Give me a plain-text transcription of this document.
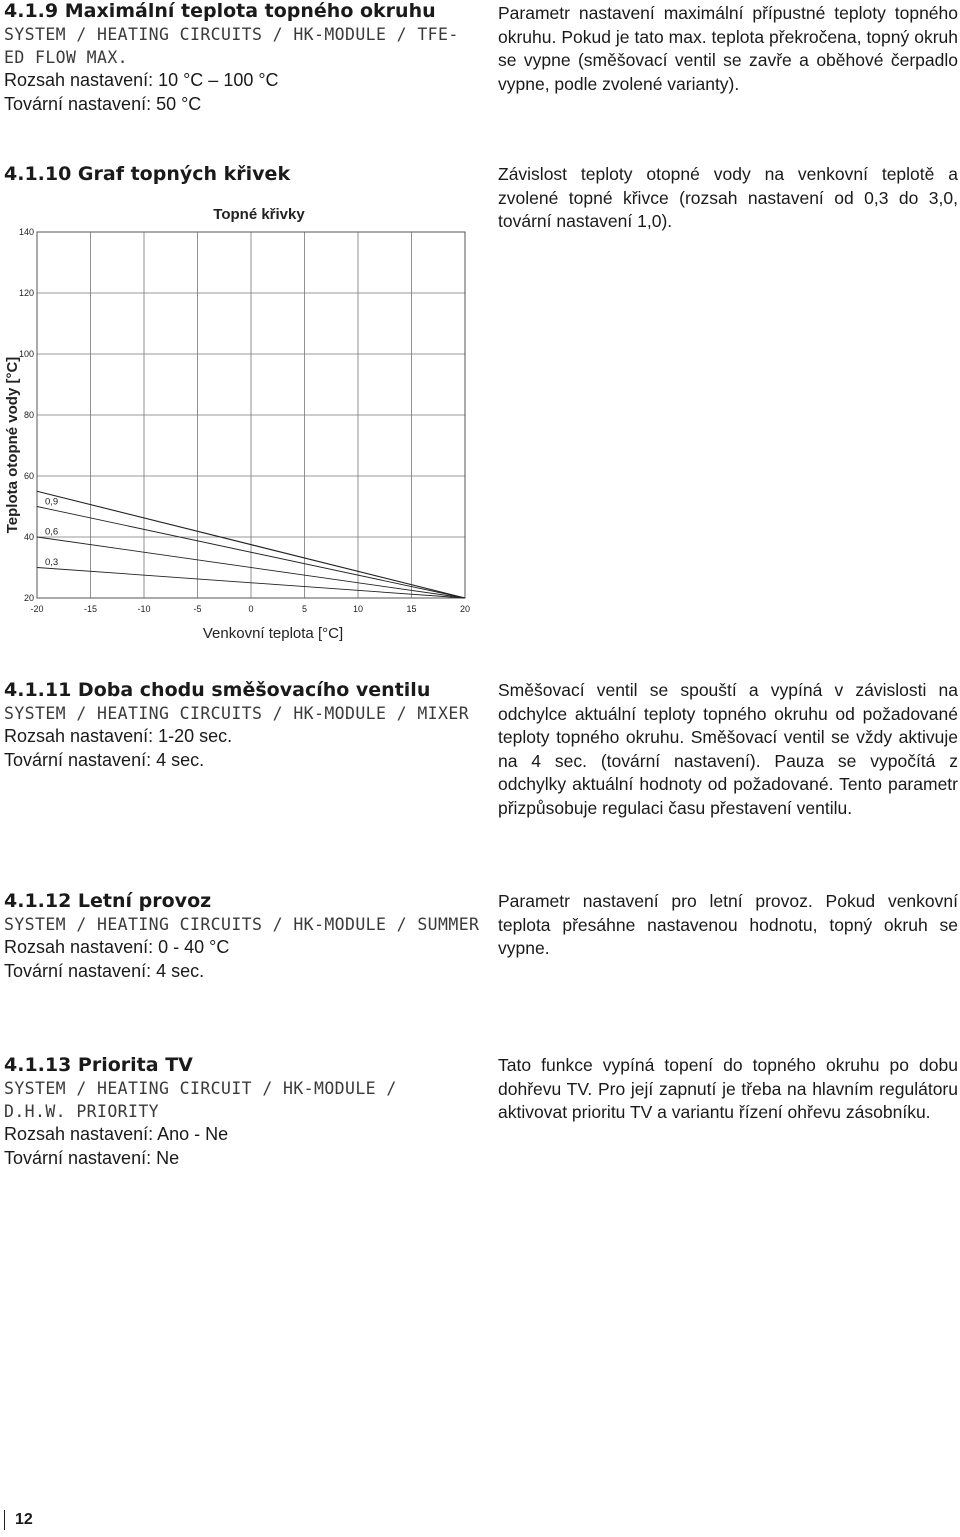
4.1.9 Maximální teplota topného okruhu

SYSTEM / HEATING CIRCUITS / HK-MODULE / TFE-ED FLOW MAX.

Rozsah nastavení: 10 °C – 100 °C

Tovární nastavení: 50 °C

Parametr nastavení maximální přípustné teploty topného okruhu. Pokud je tato max. teplota překročena, topný okruh se vypne (směšovací ventil se zavře a oběhové čerpadlo vypne, podle zvolené varianty).

4.1.10 Graf topných křivek	Závislost teploty otopné vody na venkovní teplotě a zvolené topné křivce (rozsah nastavení od 0,3 do 3,0, tovární nastavení 1,0).

-20	-15	-10	-5	0	5	10	15	20
20
40
60
80
100
120
140
0,3
0,6
0,9
Topné křivky
Venkovní teplota [°C]
Teplota otopné vody [°C]

4.1.11 Doba chodu směšovacího ventilu

SYSTEM / HEATING CIRCUITS / HK-MODULE / MIXER

Rozsah nastavení: 1-20 sec.

Tovární nastavení: 4 sec.

Směšovací ventil se spouští a vypíná v závislosti na odchylce aktuální teploty topného okruhu od požadované teploty topného okruhu. Směšovací ventil se vždy aktivuje na 4 sec. (tovární nastavení). Pauza se vypočítá z odchylky aktuální hodnoty od požadované. Tento parametr přizpůsobuje regulaci času přestavení ventilu.

4.1.12 Letní provoz

SYSTEM / HEATING CIRCUITS / HK-MODULE / SUMMER

Rozsah nastavení: 0 - 40 °C

Tovární nastavení: 4 sec.

Parametr nastavení pro letní provoz. Pokud venkovní teplota přesáhne nastavenou hodnotu, topný okruh se vypne.

4.1.13 Priorita TV

SYSTEM / HEATING CIRCUIT / HK-MODULE / D.H.W. PRIORITY

Rozsah nastavení: Ano - Ne

Tovární nastavení: Ne

Tato funkce vypíná topení do topného okruhu po dobu dohřevu TV. Pro její zapnutí je třeba na hlavním regulátoru aktivovat prioritu TV a variantu řízení ohřevu zásobníku.

12
